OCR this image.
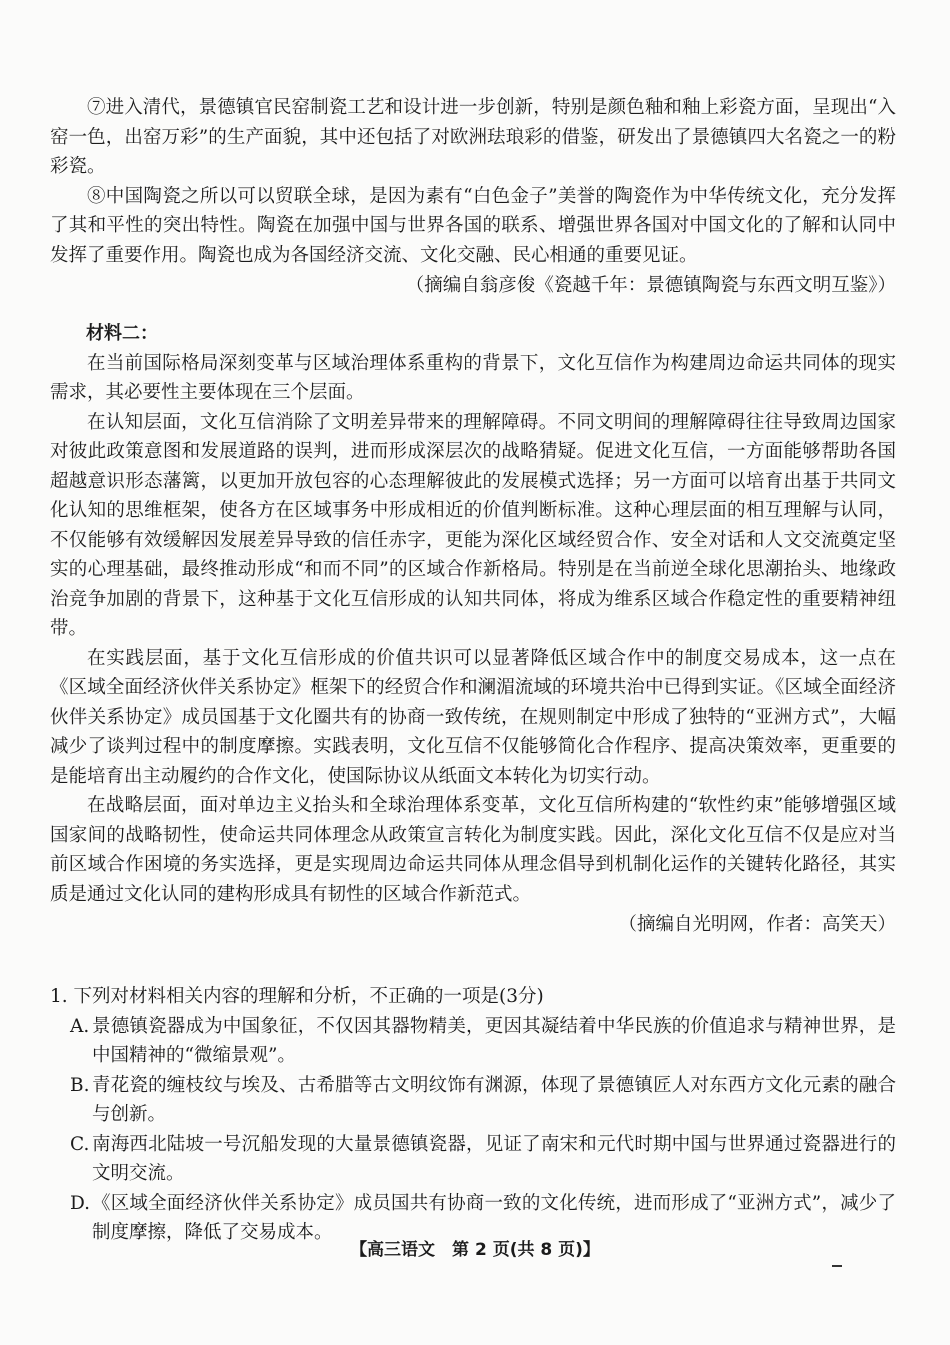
⑦进入清代，景德镇官民窑制瓷工艺和设计进一步创新，特别是颜色釉和釉上彩瓷方面，呈现出“入窑一色，出窑万彩”的生产面貌，其中还包括了对欧洲珐琅彩的借鉴，研发出了景德镇四大名瓷之一的粉彩瓷。

⑧中国陶瓷之所以可以贸联全球，是因为素有“白色金子”美誉的陶瓷作为中华传统文化，充分发挥了其和平性的突出特性。陶瓷在加强中国与世界各国的联系、增强世界各国对中国文化的了解和认同中发挥了重要作用。陶瓷也成为各国经济交流、文化交融、民心相通的重要见证。

（摘编自翁彦俊《瓷越千年：景德镇陶瓷与东西文明互鉴》）

材料二：

在当前国际格局深刻变革与区域治理体系重构的背景下，文化互信作为构建周边命运共同体的现实需求，其必要性主要体现在三个层面。

在认知层面，文化互信消除了文明差异带来的理解障碍。不同文明间的理解障碍往往导致周边国家对彼此政策意图和发展道路的误判，进而形成深层次的战略猜疑。促进文化互信，一方面能够帮助各国超越意识形态藩篱，以更加开放包容的心态理解彼此的发展模式选择；另一方面可以培育出基于共同文化认知的思维框架，使各方在区域事务中形成相近的价值判断标准。这种心理层面的相互理解与认同，不仅能够有效缓解因发展差异导致的信任赤字，更能为深化区域经贸合作、安全对话和人文交流奠定坚实的心理基础，最终推动形成“和而不同”的区域合作新格局。特别是在当前逆全球化思潮抬头、地缘政治竞争加剧的背景下，这种基于文化互信形成的认知共同体，将成为维系区域合作稳定性的重要精神纽带。

在实践层面，基于文化互信形成的价值共识可以显著降低区域合作中的制度交易成本，这一点在《区域全面经济伙伴关系协定》框架下的经贸合作和澜湄流域的环境共治中已得到实证。《区域全面经济伙伴关系协定》成员国基于文化圈共有的协商一致传统，在规则制定中形成了独特的“亚洲方式”，大幅减少了谈判过程中的制度摩擦。实践表明，文化互信不仅能够简化合作程序、提高决策效率，更重要的是能培育出主动履约的合作文化，使国际协议从纸面文本转化为切实行动。

在战略层面，面对单边主义抬头和全球治理体系变革，文化互信所构建的“软性约束”能够增强区域国家间的战略韧性，使命运共同体理念从政策宣言转化为制度实践。因此，深化文化互信不仅是应对当前区域合作困境的务实选择，更是实现周边命运共同体从理念倡导到机制化运作的关键转化路径，其实质是通过文化认同的建构形成具有韧性的区域合作新范式。

（摘编自光明网，作者：高笑天）

1. 下列对材料相关内容的理解和分析，不正确的一项是(3分)

A. 景德镇瓷器成为中国象征，不仅因其器物精美，更因其凝结着中华民族的价值追求与精神世界，是中国精神的“微缩景观”。

B. 青花瓷的缠枝纹与埃及、古希腊等古文明纹饰有渊源，体现了景德镇匠人对东西方文化元素的融合与创新。

C. 南海西北陆坡一号沉船发现的大量景德镇瓷器，见证了南宋和元代时期中国与世界通过瓷器进行的文明交流。

D. 《区域全面经济伙伴关系协定》成员国共有协商一致的文化传统，进而形成了“亚洲方式”，减少了制度摩擦，降低了交易成本。

【高三语文　第 2 页(共 8 页)】
